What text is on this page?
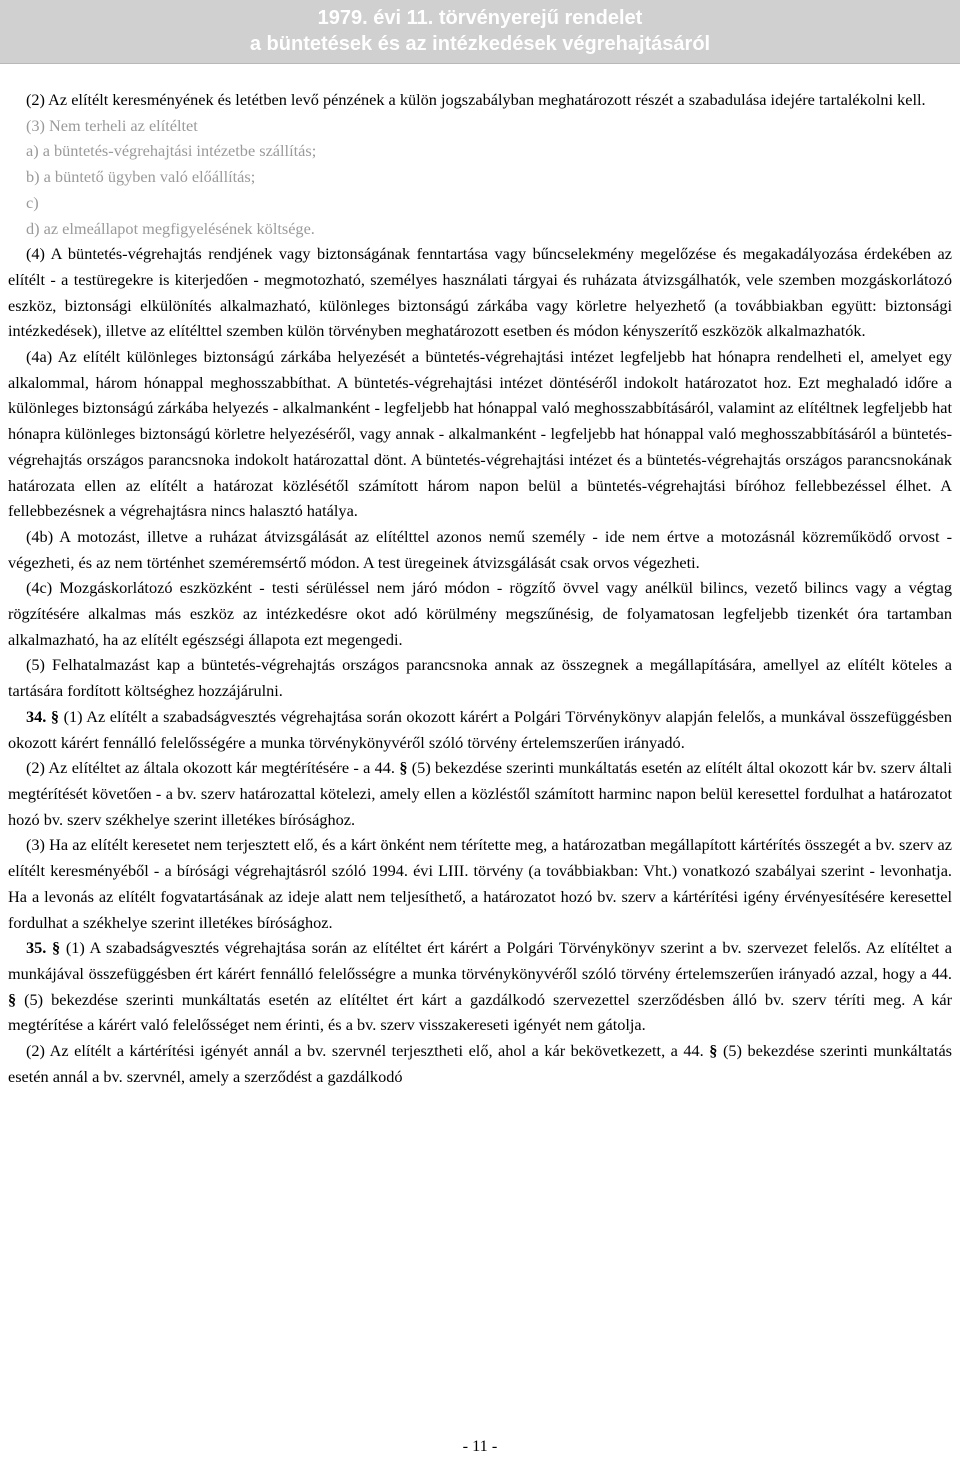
1979. évi 11. törvényerejű rendelet
a büntetések és az intézkedések végrehajtásáról

(2) Az elítélt keresményének és letétben levő pénzének a külön jogszabályban meghatározott részét a szabadulása idejére tartalékolni kell.

(3) Nem terheli az elítéltet

a) a büntetés-végrehajtási intézetbe szállítás;

b) a büntető ügyben való előállítás;

c)

d) az elmeállapot megfigyelésének költsége.

(4) A büntetés-végrehajtás rendjének vagy biztonságának fenntartása vagy bűncselekmény megelőzése és megakadályozása érdekében az elítélt - a testüregekre is kiterjedően - megmotozható, személyes használati tárgyai és ruházata átvizsgálhatók, vele szemben mozgáskorlátozó eszköz, biztonsági elkülönítés alkalmazható, különleges biztonságú zárkába vagy körletre helyezhető (a továbbiakban együtt: biztonsági intézkedések), illetve az elítélttel szemben külön törvényben meghatározott esetben és módon kényszerítő eszközök alkalmazhatók.

(4a) Az elítélt különleges biztonságú zárkába helyezését a büntetés-végrehajtási intézet legfeljebb hat hónapra rendelheti el, amelyet egy alkalommal, három hónappal meghosszabbíthat. A büntetés-végrehajtási intézet döntéséről indokolt határozatot hoz. Ezt meghaladó időre a különleges biztonságú zárkába helyezés - alkalmanként - legfeljebb hat hónappal való meghosszabbításáról, valamint az elítéltnek legfeljebb hat hónapra különleges biztonságú körletre helyezéséről, vagy annak - alkalmanként - legfeljebb hat hónappal való meghosszabbításáról a büntetés-végrehajtás országos parancsnoka indokolt határozattal dönt. A büntetés-végrehajtási intézet és a büntetés-végrehajtás országos parancsnokának határozata ellen az elítélt a határozat közlésétől számított három napon belül a büntetés-végrehajtási bíróhoz fellebbezéssel élhet. A fellebbezésnek a végrehajtásra nincs halasztó hatálya.

(4b) A motozást, illetve a ruházat átvizsgálását az elítélttel azonos nemű személy - ide nem értve a motozásnál közreműködő orvost - végezheti, és az nem történhet szeméremsértő módon. A test üregeinek átvizsgálását csak orvos végezheti.

(4c) Mozgáskorlátozó eszközként - testi sérüléssel nem járó módon - rögzítő övvel vagy anélkül bilincs, vezető bilincs vagy a végtag rögzítésére alkalmas más eszköz az intézkedésre okot adó körülmény megszűnésig, de folyamatosan legfeljebb tizenkét óra tartamban alkalmazható, ha az elítélt egészségi állapota ezt megengedi.

(5) Felhatalmazást kap a büntetés-végrehajtás országos parancsnoka annak az összegnek a megállapítására, amellyel az elítélt köteles a tartására fordított költséghez hozzájárulni.

34. § (1) Az elítélt a szabadságvesztés végrehajtása során okozott kárért a Polgári Törvénykönyv alapján felelős, a munkával összefüggésben okozott kárért fennálló felelősségére a munka törvénykönyvéről szóló törvény értelemszerűen irányadó.

(2) Az elítéltet az általa okozott kár megtérítésére - a 44. § (5) bekezdése szerinti munkáltatás esetén az elítélt által okozott kár bv. szerv általi megtérítését követően - a bv. szerv határozattal kötelezi, amely ellen a közléstől számított harminc napon belül keresettel fordulhat a határozatot hozó bv. szerv székhelye szerint illetékes bírósághoz.

(3) Ha az elítélt keresetet nem terjesztett elő, és a kárt önként nem térítette meg, a határozatban megállapított kártérítés összegét a bv. szerv az elítélt keresményéből - a bírósági végrehajtásról szóló 1994. évi LIII. törvény (a továbbiakban: Vht.) vonatkozó szabályai szerint - levonhatja. Ha a levonás az elítélt fogvatartásának az ideje alatt nem teljesíthető, a határozatot hozó bv. szerv a kártérítési igény érvényesítésére keresettel fordulhat a székhelye szerint illetékes bírósághoz.

35. § (1) A szabadságvesztés végrehajtása során az elítéltet ért kárért a Polgári Törvénykönyv szerint a bv. szervezet felelős. Az elítéltet a munkájával összefüggésben ért kárért fennálló felelősségre a munka törvénykönyvéről szóló törvény értelemszerűen irányadó azzal, hogy a 44. § (5) bekezdése szerinti munkáltatás esetén az elítéltet ért kárt a gazdálkodó szervezettel szerződésben álló bv. szerv téríti meg. A kár megtérítése a kárért való felelősséget nem érinti, és a bv. szerv visszakereseti igényét nem gátolja.

(2) Az elítélt a kártérítési igényét annál a bv. szervnél terjesztheti elő, ahol a kár bekövetkezett, a 44. § (5) bekezdése szerinti munkáltatás esetén annál a bv. szervnél, amely a szerződést a gazdálkodó

- 11 -
